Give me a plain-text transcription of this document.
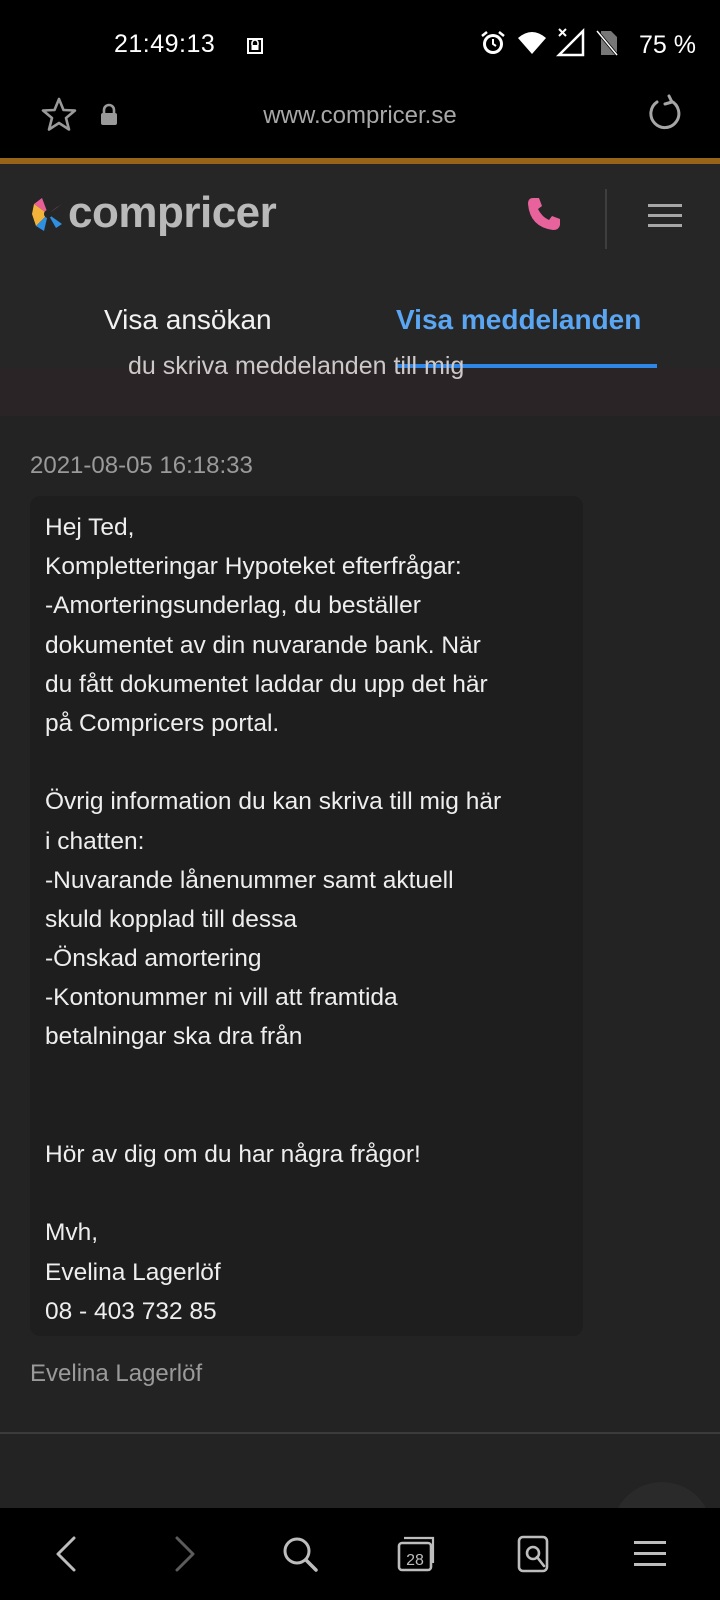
21:49:13	75 %
www.compricer.se
compricer
Visa ansökan	Visa meddelanden
du skriva meddelanden till mig
2021-08-05 16:18:33
Hej Ted,
Kompletteringar Hypoteket efterfrågar:
-Amorteringsunderlag, du beställer
dokumentet av din nuvarande bank. När
du fått dokumentet laddar du upp det här
på Compricers portal.
Övrig information du kan skriva till mig här
i chatten:
-Nuvarande lånenummer samt aktuell
skuld kopplad till dessa
-Önskad amortering
-Kontonummer ni vill att framtida
betalningar ska dra från
Hör av dig om du har några frågor!
Mvh,
Evelina Lagerlöf
08 - 403 732 85
Evelina Lagerlöf
28
